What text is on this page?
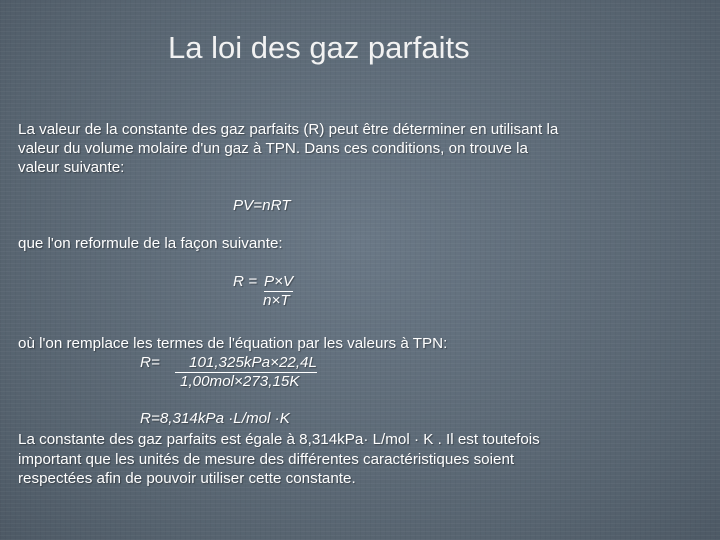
La loi des gaz parfaits
La valeur de la constante des gaz parfaits (R) peut être déterminer en utilisant la
valeur du volume molaire d'un gaz à TPN. Dans ces conditions, on trouve la
valeur suivante:
PV=nRT
que l'on reformule de la façon suivante:
R = P×V
n×T
où l'on remplace les termes de l'équation par les valeurs à TPN:
R=	101,325kPa×22,4L
1,00mol×273,15K
R=8,314kPa ·L/mol ·K
La constante des gaz parfaits est égale à 8,314kPa· L/mol · K . Il est toutefois
important que les unités de mesure des différentes caractéristiques soient
respectées afin de pouvoir utiliser cette constante.
